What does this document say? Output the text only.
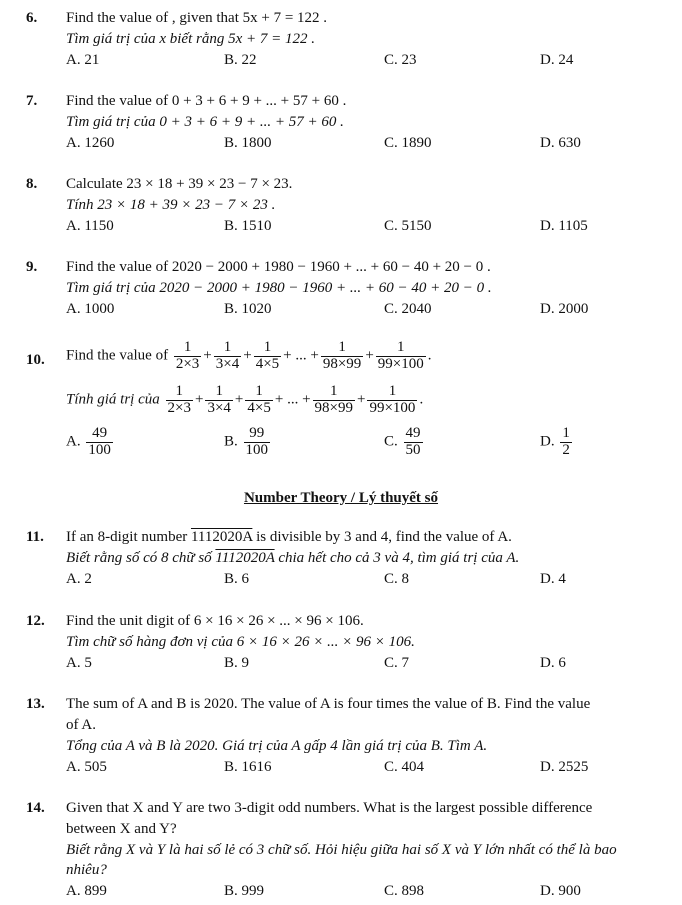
6. Find the value of , given that 5x + 7 = 122 .
Tìm giá trị của x biết rằng 5x + 7 = 122 .
A. 21	B. 22	C. 23	D. 24
7. Find the value of 0 + 3 + 6 + 9 + ... + 57 + 60 .
Tìm giá trị của 0 + 3 + 6 + 9 + ... + 57 + 60 .
A. 1260	B. 1800	C. 1890	D. 630
8. Calculate 23 × 18 + 39 × 23 − 7 × 23.
Tính 23 × 18 + 39 × 23 − 7 × 23 .
A. 1150	B. 1510	C. 5150	D. 1105
9. Find the value of 2020 − 2000 + 1980 − 1960 + ... + 60 − 40 + 20 − 0 .
Tìm giá trị của 2020 − 2000 + 1980 − 1960 + ... + 60 − 40 + 20 − 0 .
A. 1000	B. 1020	C. 2040	D. 2000
10. Find the value of $\frac{1}{2\times 3} + \frac{1}{3\times 4} + \frac{1}{4\times 5}$ + ... + $\frac{1}{98\times 99} + \frac{1}{99\times 100}$ .
Tính giá trị của $\frac{1}{2\times 3} + \frac{1}{3\times 4} + \frac{1}{4\times 5}$ + ... + $\frac{1}{98\times 99} + \frac{1}{99\times 100}$ .
A. $\frac{49}{100}$	B. $\frac{99}{100}$	C. $\frac{49}{50}$	D. $\frac{1}{2}$
Number Theory / Lý thuyết số
11. If an 8-digit number 1112020A is divisible by 3 and 4, find the value of A.
Biết rằng số có 8 chữ số 1112020A chia hết cho cả 3 và 4, tìm giá trị của A.
A. 2	B. 6	C. 8	D. 4
12. Find the unit digit of 6 × 16 × 26 × ... × 96 × 106.
Tìm chữ số hàng đơn vị của 6 × 16 × 26 × ... × 96 × 106.
A. 5	B. 9	C. 7	D. 6
13. The sum of A and B is 2020. The value of A is four times the value of B. Find the value
of A.
Tổng của A và B là 2020. Giá trị của A gấp 4 lần giá trị của B. Tìm A.
A. 505	B. 1616	C. 404	D. 2525
14. Given that X and Y are two 3-digit odd numbers. What is the largest possible difference
between X and Y?
Biết rằng X và Y là hai số lẻ có 3 chữ số. Hỏi hiệu giữa hai số X và Y lớn nhất có thể là bao
nhiêu?
A. 899	B. 999	C. 898	D. 900
